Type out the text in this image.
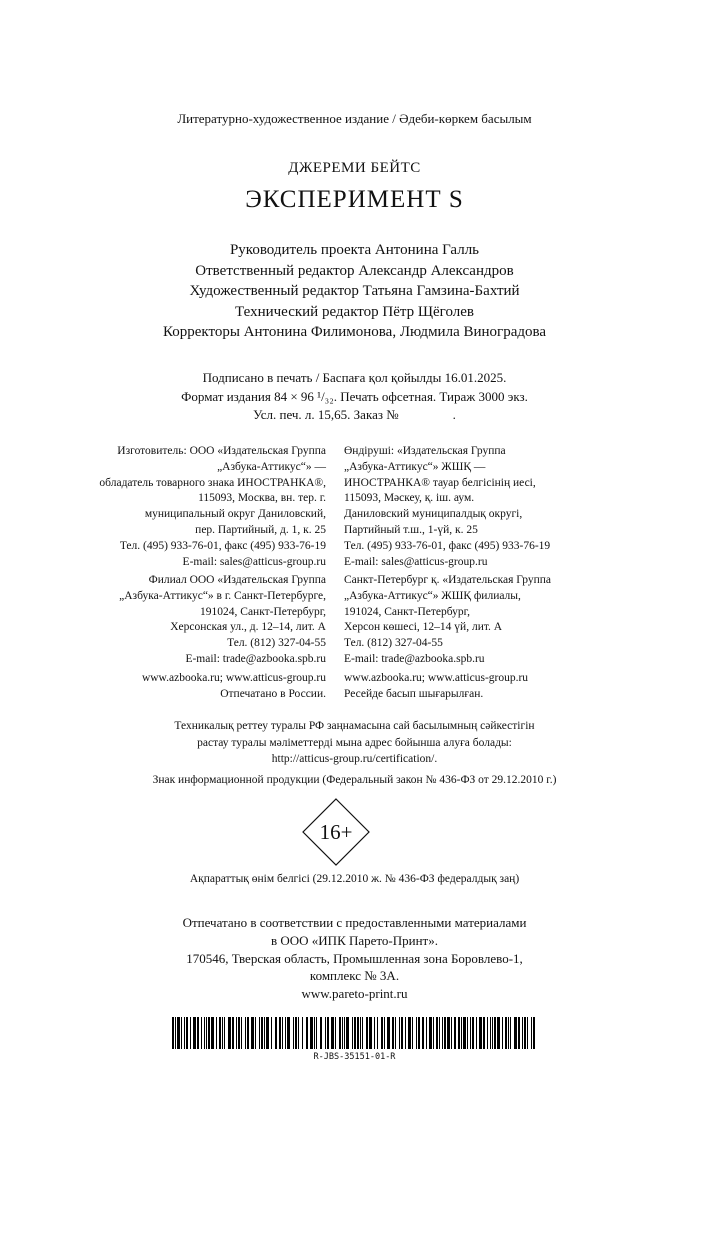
Литературно-художественное издание / Әдеби-көркем басылым
ДЖЕРЕМИ БЕЙТС
ЭКСПЕРИМЕНТ S
Руководитель проекта Антонина Галль
Ответственный редактор Александр Александров
Художественный редактор Татьяна Гамзина-Бахтий
Технический редактор Пётр Щёголев
Корректоры Антонина Филимонова, Людмила Виноградова
Подписано в печать / Баспаға қол қойылды 16.01.2025.
Формат издания 84 × 96 ¹/₃₂. Печать офсетная. Тираж 3000 экз.
Усл. печ. л. 15,65. Заказ №	.
Изготовитель: ООО «Издательская Группа
„Азбука-Аттикус“» —
обладатель товарного знака ИНОСТРАНКА®,
115093, Москва, вн. тер. г.
муниципальный округ Даниловский,
пер. Партийный, д. 1, к. 25
Тел. (495) 933-76-01, факс (495) 933-76-19
E-mail: sales@atticus-group.ru
Өндіруші: «Издательская Группа
„Азбука-Аттикус“» ЖШҚ —
ИНОСТРАНКА® тауар белгісінің иесі,
115093, Мәскеу, қ. іш. аум.
Даниловский муниципалдық округі,
Партийный т.ш., 1-үй, к. 25
Тел. (495) 933-76-01, факс (495) 933-76-19
E-mail: sales@atticus-group.ru
Филиал ООО «Издательская Группа
„Азбука-Аттикус“» в г. Санкт-Петербурге,
191024, Санкт-Петербург,
Херсонская ул., д. 12–14, лит. А
Тел. (812) 327-04-55
E-mail: trade@azbooka.spb.ru
Санкт-Петербург қ. «Издательская Группа
„Азбука-Аттикус“» ЖШҚ филиалы,
191024, Санкт-Петербург,
Херсон көшесі, 12–14 үй, лит. А
Тел. (812) 327-04-55
E-mail: trade@azbooka.spb.ru
www.azbooka.ru; www.atticus-group.ru
Отпечатано в России.
www.azbooka.ru; www.atticus-group.ru
Ресейде басып шығарылған.
Техникалық реттеу туралы РФ заңнамасына сай басылымның сәйкестігін
растау туралы мәліметтерді мына адрес бойынша алуға болады:
http://atticus-group.ru/certification/.
Знак информационной продукции (Федеральный закон № 436-ФЗ от 29.12.2010 г.)
16+
Ақпараттық өнім белгісі (29.12.2010 ж. № 436-ФЗ федералдық заң)
Отпечатано в соответствии с предоставленными материалами
в ООО «ИПК Парето-Принт».
170546, Тверская область, Промышленная зона Боровлево-1,
комплекс № 3А.
www.pareto-print.ru
R-JBS-35151-01-R
